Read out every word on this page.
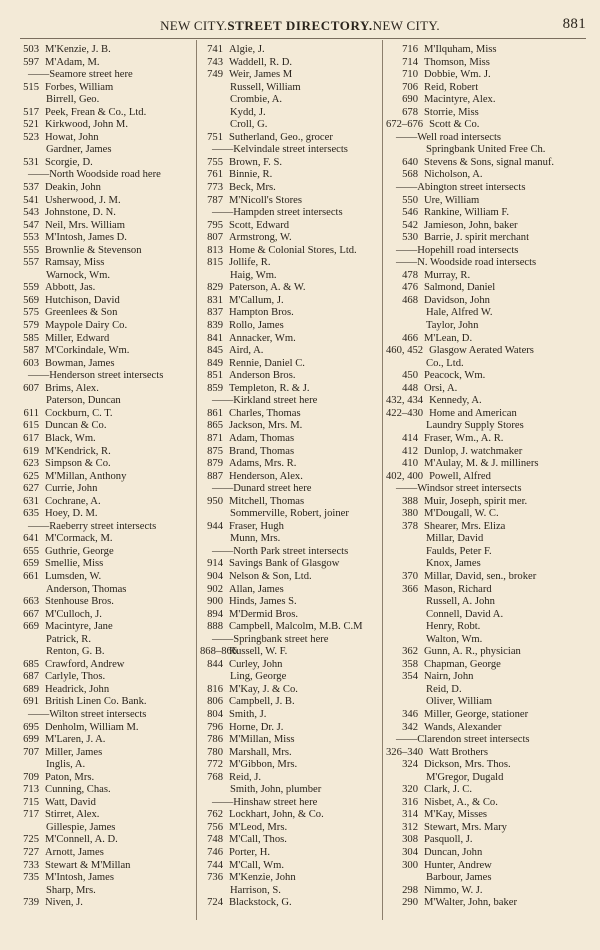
NEW CITY.STREET DIRECTORY.NEW CITY.	881
503 M'Kenzie, J. B.
597 M'Adam, M.
——Seamore street here
515 Forbes, William
Birrell, Geo.
517 Peek, Frean & Co., Ltd.
521 Kirkwood, John M.
523 Howat, John
Gardner, James
531 Scorgie, D.
——North Woodside road here
537 Deakin, John
541 Usherwood, J. M.
543 Johnstone, D. N.
547 Neil, Mrs. William
553 M'Intosh, James D.
555 Brownlie & Stevenson
557 Ramsay, Miss
Warnock, Wm.
559 Abbott, Jas.
569 Hutchison, David
575 Greenlees & Son
579 Maypole Dairy Co.
585 Miller, Edward
587 M'Corkindale, Wm.
603 Bowman, James
——Henderson street intersects
607 Brims, Alex.
Paterson, Duncan
611 Cockburn, C. T.
615 Duncan & Co.
617 Black, Wm.
619 M'Kendrick, R.
623 Simpson & Co.
625 M'Millan, Anthony
627 Currie, John
631 Cochrane, A.
635 Hoey, D. M.
——Raeberry street intersects
641 M'Cormack, M.
655 Guthrie, George
659 Smellie, Miss
661 Lumsden, W.
Anderson, Thomas
663 Stenhouse Bros.
667 M'Culloch, J.
669 Macintyre, Jane
Patrick, R.
Renton, G. B.
685 Crawford, Andrew
687 Carlyle, Thos.
689 Headrick, John
691 British Linen Co. Bank.
——Wilton street intersects
695 Denholm, William M.
699 M'Laren, J. A.
707 Miller, James
Inglis, A.
709 Paton, Mrs.
713 Cunning, Chas.
715 Watt, David
717 Stirret, Alex.
Gillespie, James
725 M'Connell, A. D.
727 Arnott, James
733 Stewart & M'Millan
735 M'Intosh, James
Sharp, Mrs.
739 Niven, J.
741 Algie, J.
743 Waddell, R. D.
749 Weir, James M
Russell, William
Crombie, A.
Kydd, J.
Croll, G.
751 Sutherland, Geo., grocer
——Kelvindale street intersects
755 Brown, F. S.
761 Binnie, R.
773 Beck, Mrs.
787 M'Nicoll's Stores
——Hampden street intersects
795 Scott, Edward
807 Armstrong, W.
813 Home & Colonial Stores, Ltd.
815 Jollife, R.
Haig, Wm.
829 Paterson, A. & W.
831 M'Callum, J.
837 Hampton Bros.
839 Rollo, James
841 Annacker, Wm.
845 Aird, A.
849 Rennie, Daniel C.
851 Anderson Bros.
859 Templeton, R. & J.
——Kirkland street here
861 Charles, Thomas
865 Jackson, Mrs. M.
871 Adam, Thomas
875 Brand, Thomas
879 Adams, Mrs. R.
887 Henderson, Alex.
——Dunard street here
950 Mitchell, Thomas
Sommerville, Robert, joiner
944 Fraser, Hugh
Munn, Mrs.
——North Park street intersects
914 Savings Bank of Glasgow
904 Nelson & Son, Ltd.
902 Allan, James
900 Hinds, James S.
894 M'Dermid Bros.
888 Campbell, Malcolm, M.B. C.M
——Springbank street here
868–866
Russell, W. F.
844 Curley, John
Ling, George
816 M'Kay, J. & Co.
806 Campbell, J. B.
804 Smith, J.
796 Horne, Dr. J.
786 M'Millan, Miss
780 Marshall, Mrs.
772 M'Gibbon, Mrs.
768 Reid, J.
Smith, John, plumber
——Hinshaw street here
762 Lockhart, John, & Co.
756 M'Leod, Mrs.
748 M'Call, Thos.
746 Porter, H.
744 M'Call, Wm.
736 M'Kenzie, John
Harrison, S.
724 Blackstock, G.
716 M'Ilquham, Miss
714 Thomson, Miss
710 Dobbie, Wm. J.
706 Reid, Robert
690 Macintyre, Alex.
678 Storrie, Miss
672–676 Scott & Co.
——Well road intersects
Springbank United Free Ch.
640 Stevens & Sons, signal manuf.
568 Nicholson, A.
——Abington street intersects
550 Ure, William
546 Rankine, William F.
542 Jamieson, John, baker
530 Barrie, J. spirit merchant
——Hopehill road intersects
——N. Woodside road intersects
478 Murray, R.
476 Salmond, Daniel
468 Davidson, John
Hale, Alfred W.
Taylor, John
466 M'Lean, D.
460, 452 Glasgow Aerated Waters
Co., Ltd.
450 Peacock, Wm.
448 Orsi, A.
432, 434 Kennedy, A.
422–430 Home and American
Laundry Supply Stores
414 Fraser, Wm., A. R.
412 Dunlop, J. watchmaker
410 M'Aulay, M. & J. milliners
402, 400 Powell, Alfred
——Windsor street intersects
388 Muir, Joseph, spirit mer.
380 M'Dougall, W. C.
378 Shearer, Mrs. Eliza
Millar, David
Faulds, Peter F.
Knox, James
370 Millar, David, sen., broker
366 Mason, Richard
Russell, A. John
Connell, David A.
Henry, Robt.
Walton, Wm.
362 Gunn, A. R., physician
358 Chapman, George
354 Nairn, John
Reid, D.
Oliver, William
346 Miller, George, stationer
342 Wands, Alexander
——Clarendon street intersects
326–340 Watt Brothers
324 Dickson, Mrs. Thos.
M'Gregor, Dugald
320 Clark, J. C.
316 Nisbet, A., & Co.
314 M'Kay, Misses
312 Stewart, Mrs. Mary
308 Pasquoll, J.
304 Duncan, John
300 Hunter, Andrew
Barbour, James
298 Nimmo, W. J.
290 M'Walter, John, baker
